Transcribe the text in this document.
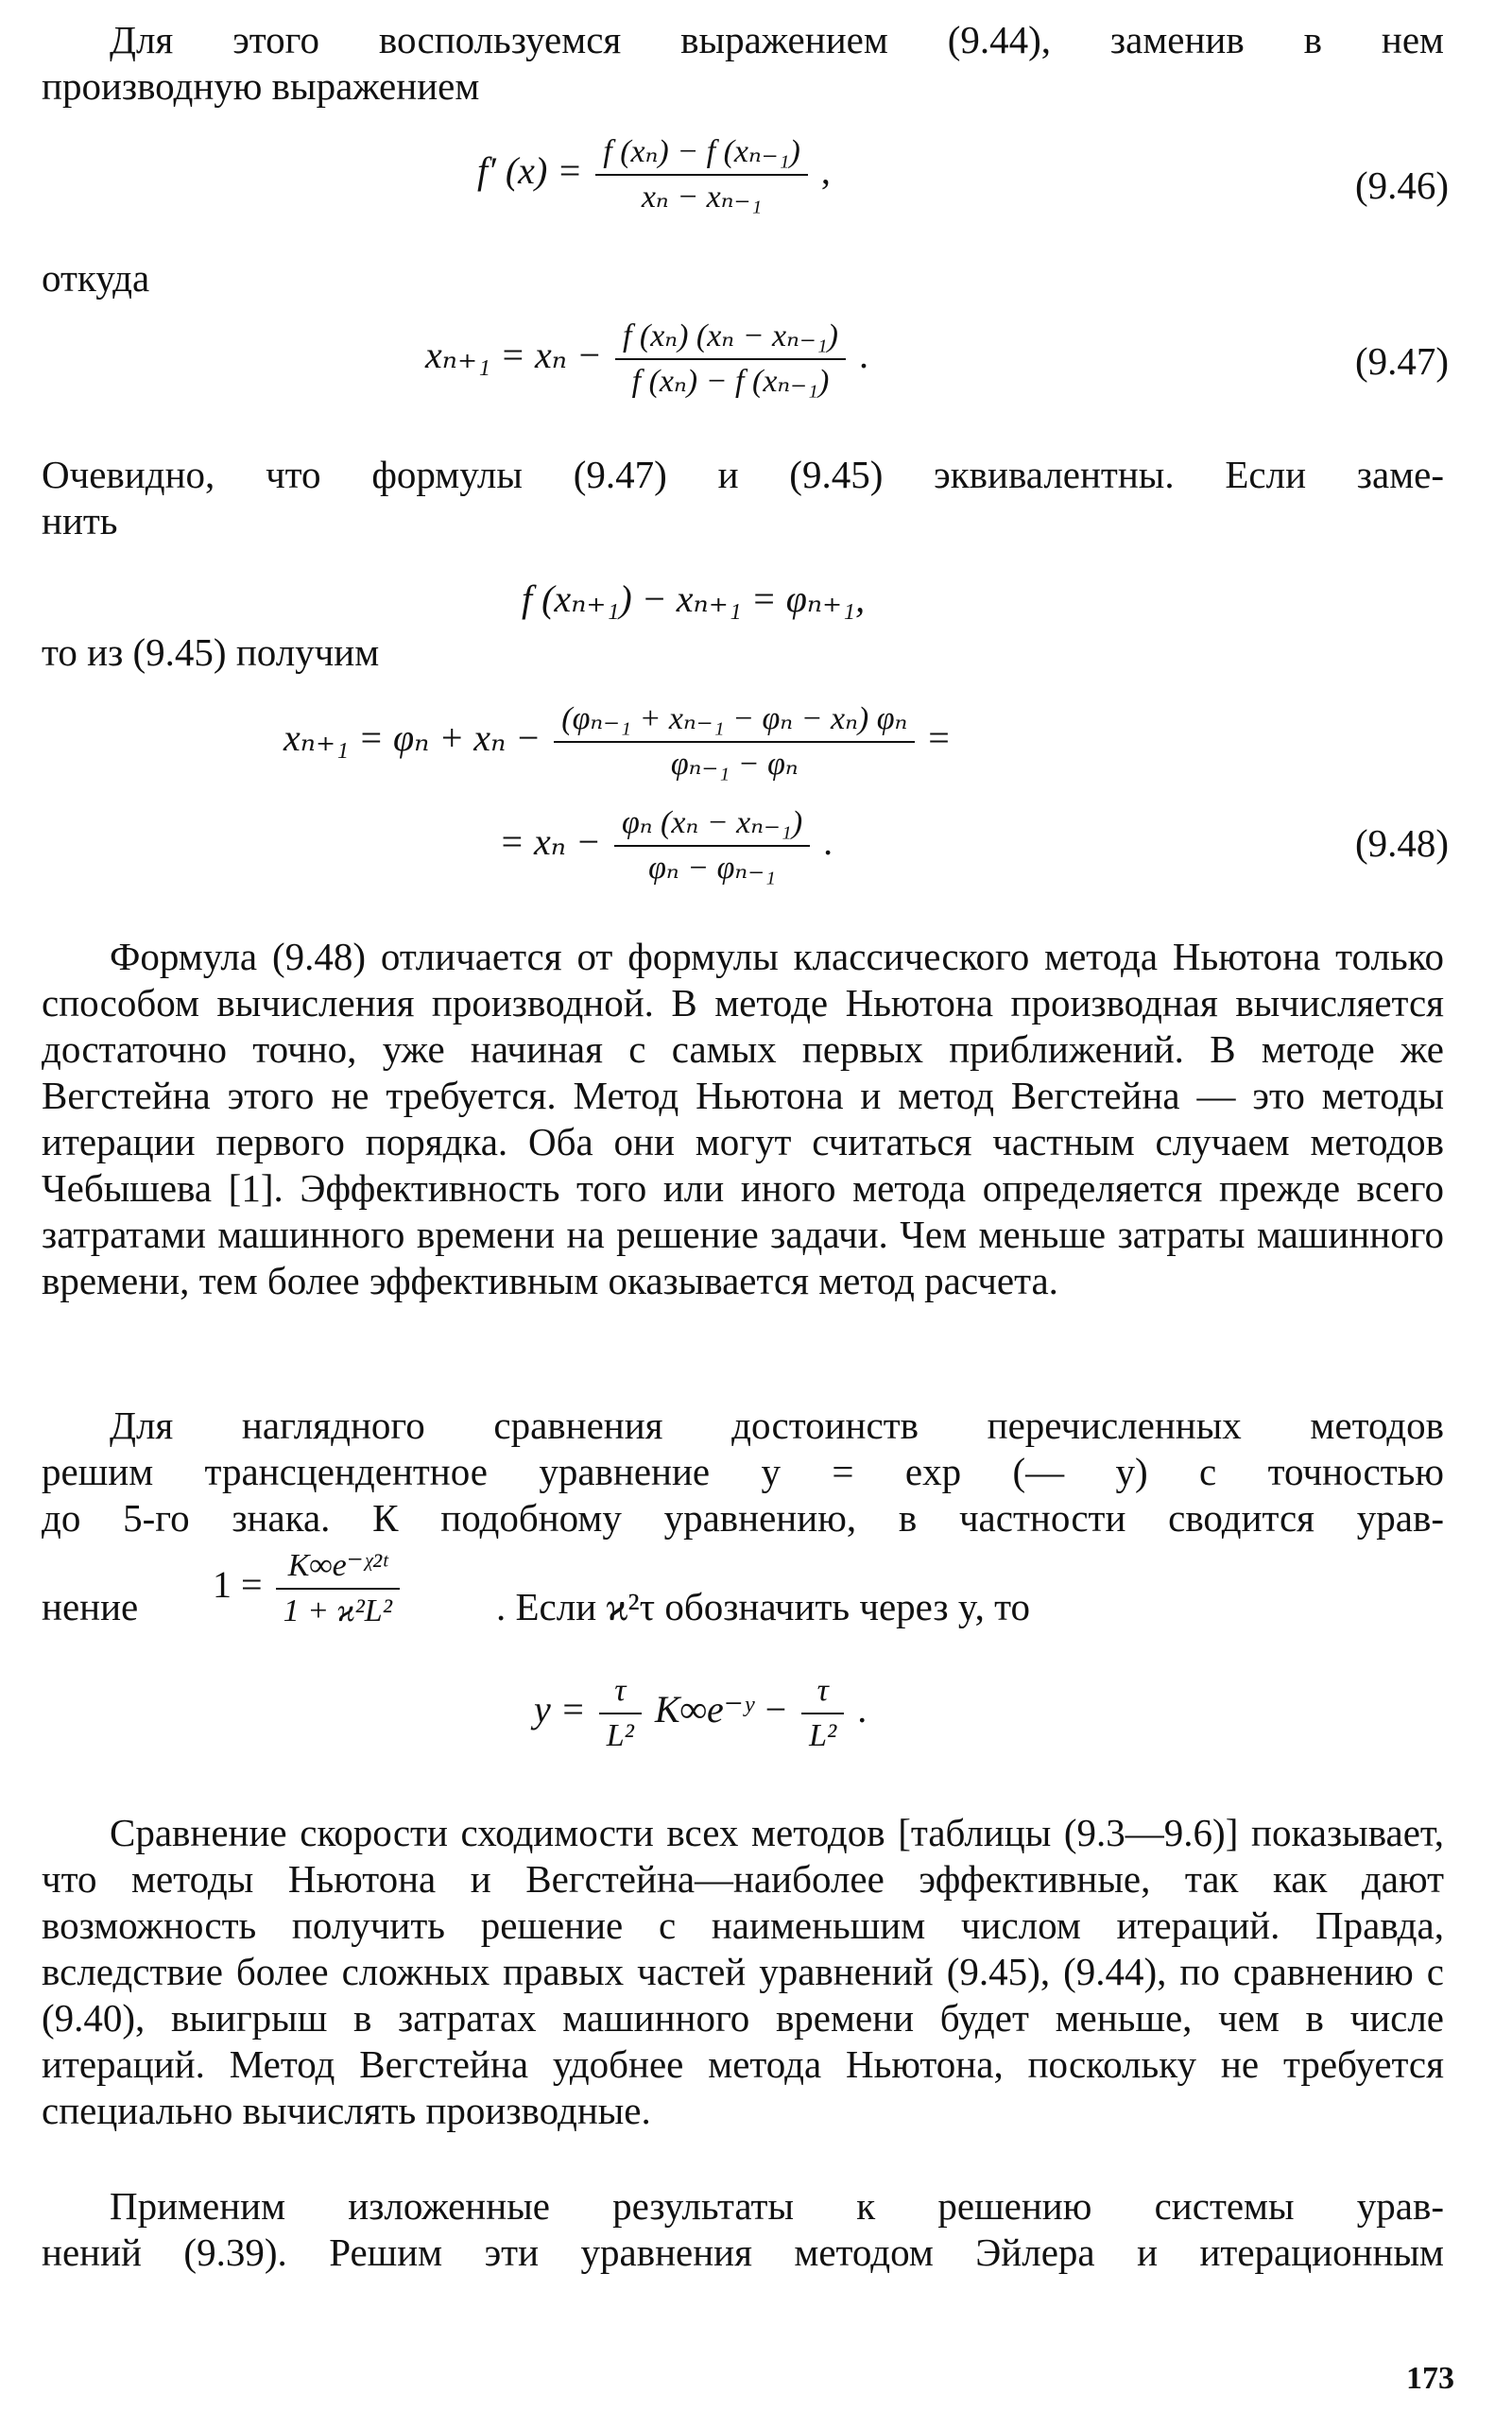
Для этого воспользуемся выражением (9.44), заменив в нем
производную выражением
f′ $(x) = \frac{\text{f (xₙ) − f (xₙ₋₁)}}{\text{xₙ − xₙ₋₁}}$ ,	(9.46)
откуда
$x_{n+1} = x_n - \frac{\text{f (xₙ) (xₙ − xₙ₋₁)}}{\text{f (xₙ) − f (xₙ₋₁)}}$ .	(9.47)
Очевидно, что формулы (9.47) и (9.45) эквивалентны. Если заме-
нить
f (xₙ₊₁) − xₙ₊₁ = φₙ₊₁,
то из (9.45) получим
$x_{n+1} = \varphi_n + x_n - \frac{\text{(φₙ₋₁ + xₙ₋₁ − φₙ − xₙ) φₙ}}{\text{φₙ₋₁ − φₙ}}$ =
= $x_n - \frac{\text{φₙ (xₙ − xₙ₋₁)}}{\text{φₙ − φₙ₋₁}}$ .	(9.48)

Формула (9.48) отличается от формулы классического метода Ньютона только способом вычисления производной. В методе Ньютона производная вычисляется достаточно точно, уже начиная с самых первых приближений. В методе же Вегстейна этого не требуется. Метод Ньютона и метод Вегстейна — это методы итерации первого порядка. Оба они могут считаться частным случаем методов Чебышева [1]. Эффективность того или иного метода определяется прежде всего затратами машинного времени на решение задачи. Чем меньше затраты машинного времени, тем более эффективным оказывается метод расчета.

Для наглядного сравнения достоинств перечисленных методов
решим трансцендентное уравнение y = exp (— y) с точностью
до 5-го знака. К подобному уравнению, в частности сводится урав-
нение
$1 = \frac{\text{K∞e⁻ᵡ²ᵗ}}{\text{1 + ϰ²L²}}$ . Если ϰ²τ обозначить через y, то
$y = \frac{\tau}{\text{L²}}$ K∞e⁻ʸ − $\frac{\tau}{\text{L²}}$ .

Сравнение скорости сходимости всех методов [таблицы (9.3—9.6)] показывает, что методы Ньютона и Вегстейна—наиболее эффективные, так как дают возможность получить решение с наименьшим числом итераций. Правда, вследствие более сложных правых частей уравнений (9.45), (9.44), по сравнению с (9.40), выигрыш в затратах машинного времени будет меньше, чем в числе итераций. Метод Вегстейна удобнее метода Ньютона, поскольку не требуется специально вычислять производные.

Применим изложенные результаты к решению системы урав-
нений (9.39). Решим эти уравнения методом Эйлера и итерационным
173
